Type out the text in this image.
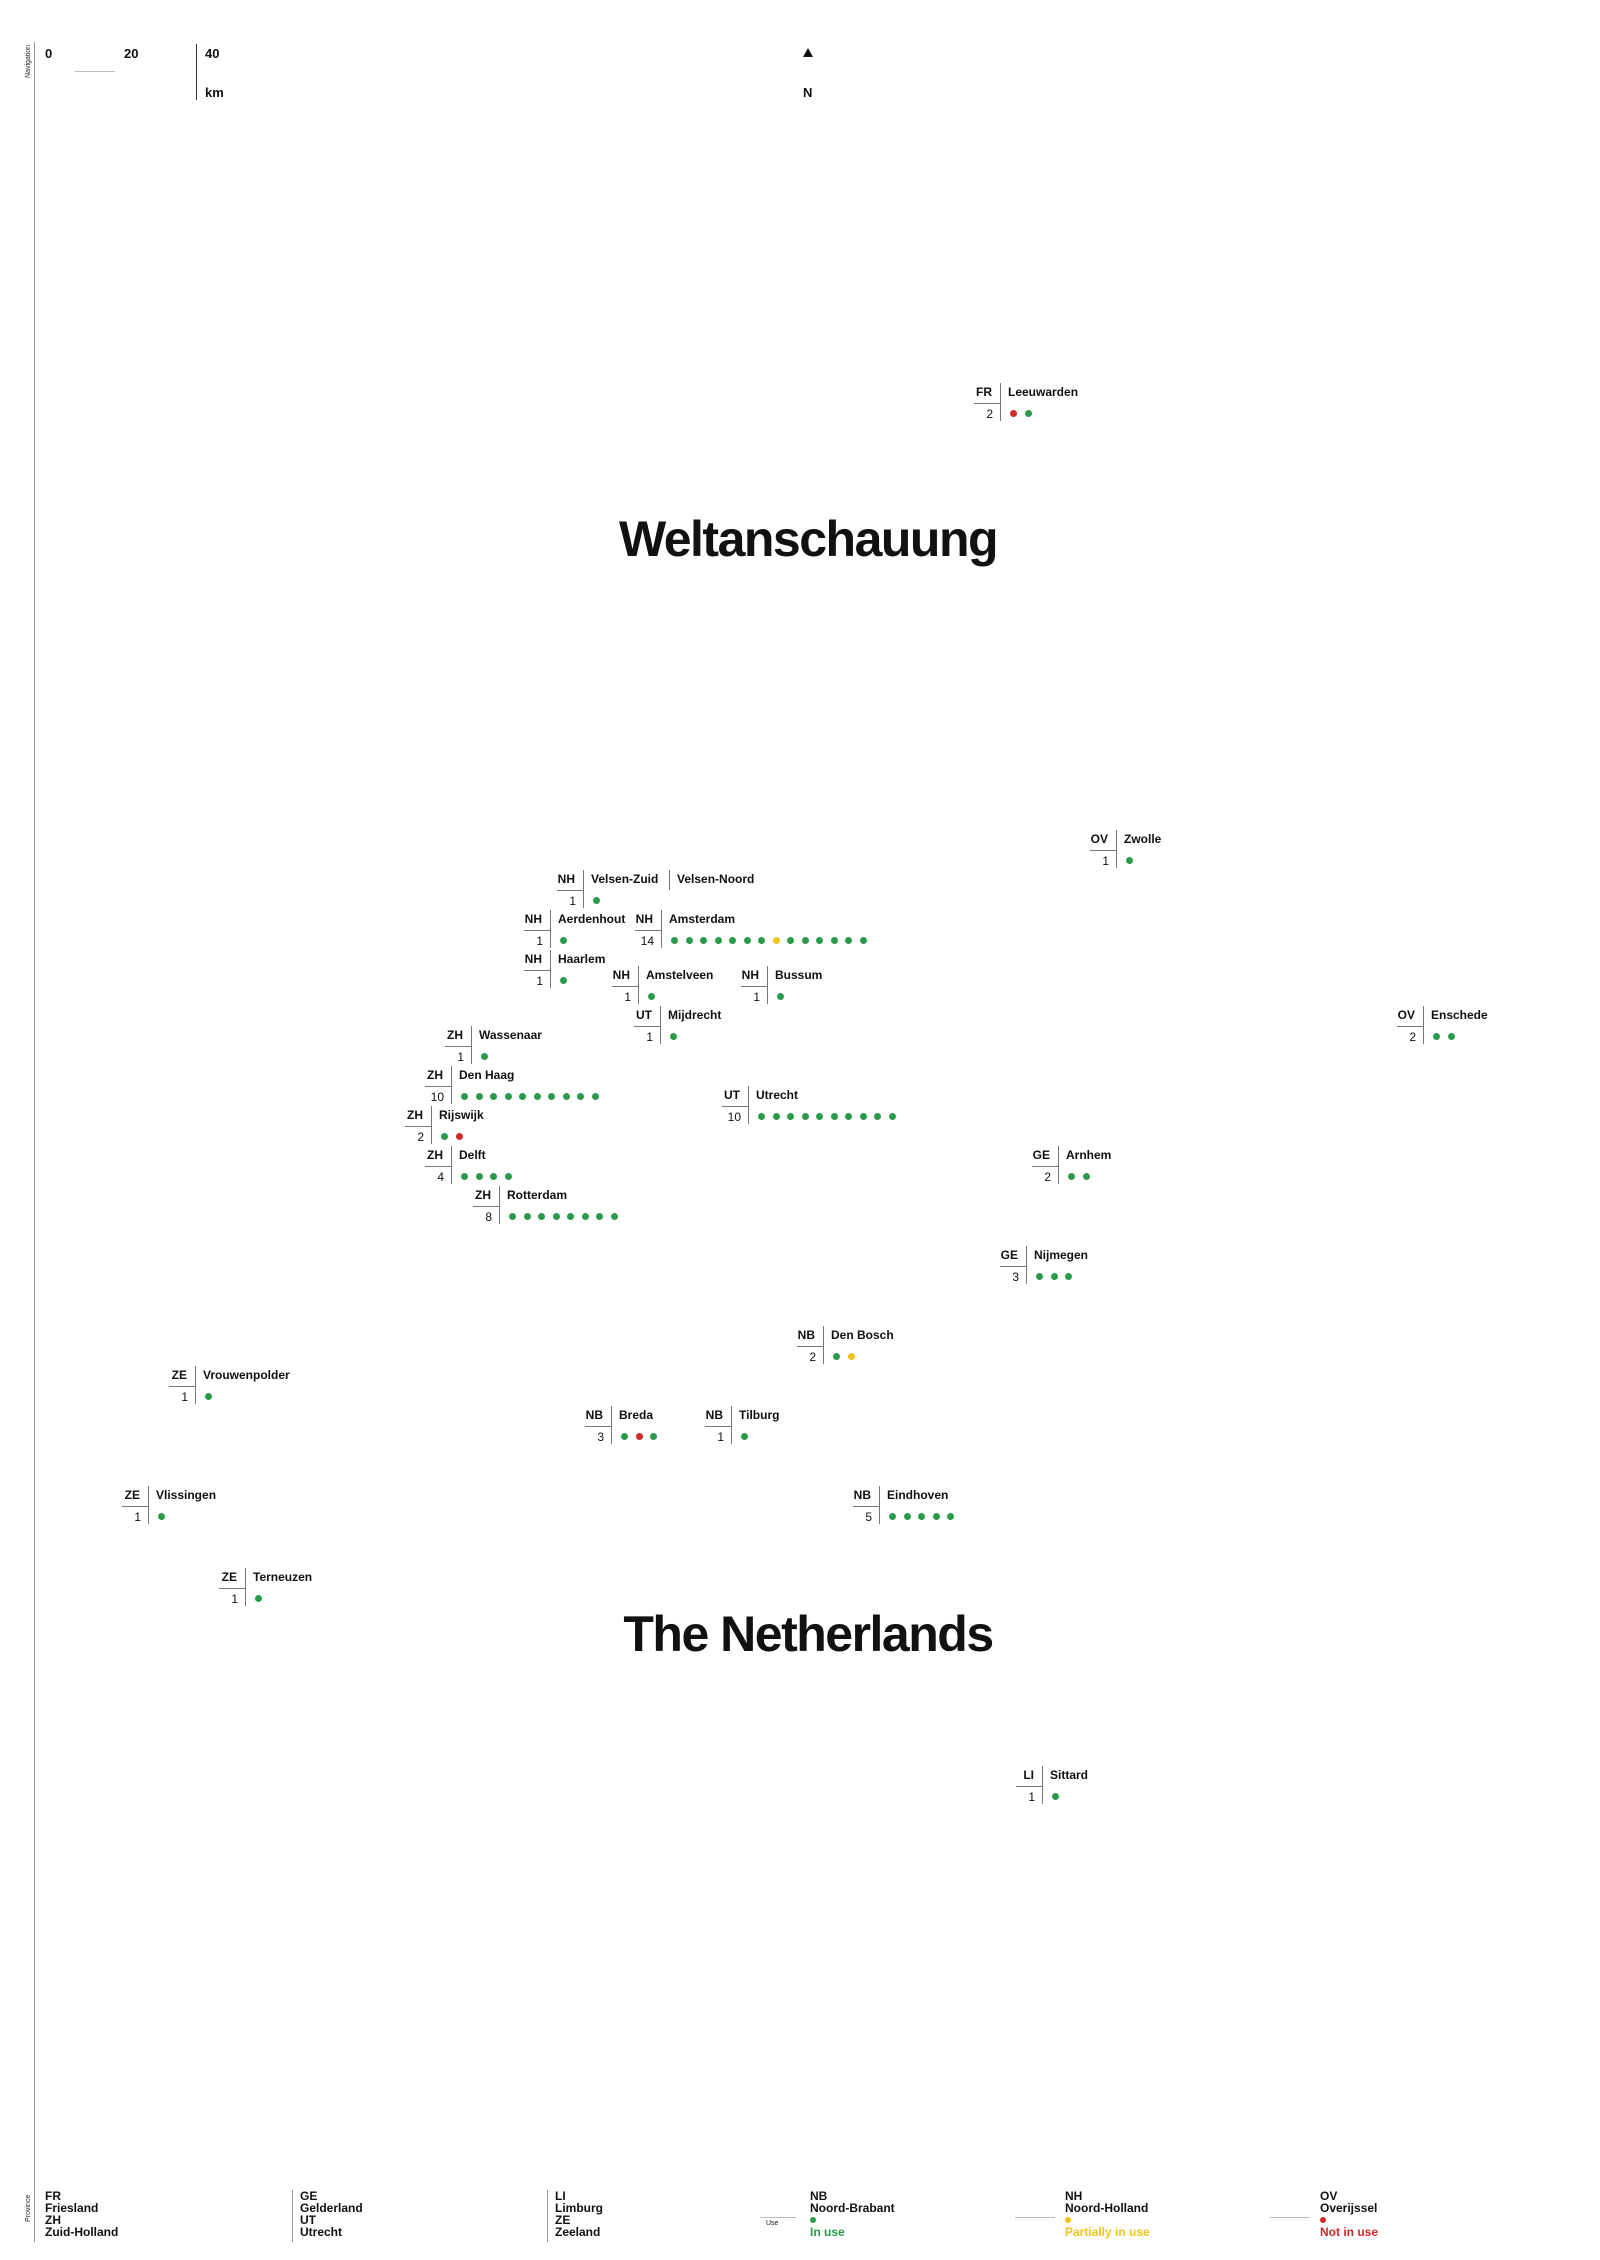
Navigation
Province
0	20	40
km	N
Weltanschauung
The Netherlands
FR	Leeuwarden
2
OV	Zwolle
1
NH	Velsen-Zuid
1
Velsen-Noord
NH	Aerdenhout
1
NH	Amsterdam
14
NH	Haarlem
1	NH	Amstelveen
1
NH	Bussum
1
UT	Mijdrecht
1
OV	Enschede
2
ZH	Wassenaar
1
ZH	Den Haag
10	UT	Utrecht
10
ZH	Rijswijk
2
ZH	Delft
4
GE	Arnhem
2
ZH	Rotterdam
8
GE	Nijmegen
3
NB	Den Bosch
2
ZE	Vrouwenpolder
1
NB	Breda
3
NB	Tilburg
1
ZE	Vlissingen
1
NB	Eindhoven
5
ZE	Terneuzen
1
LI	Sittard
1
FR
Friesland
ZH
Zuid-Holland
GE
Gelderland
UT
Utrecht
LI
Limburg
ZE
Zeeland
Use
NB
Noord-Brabant
In use
NH
Noord-Holland
Partially in use
OV
Overijssel
Not in use
